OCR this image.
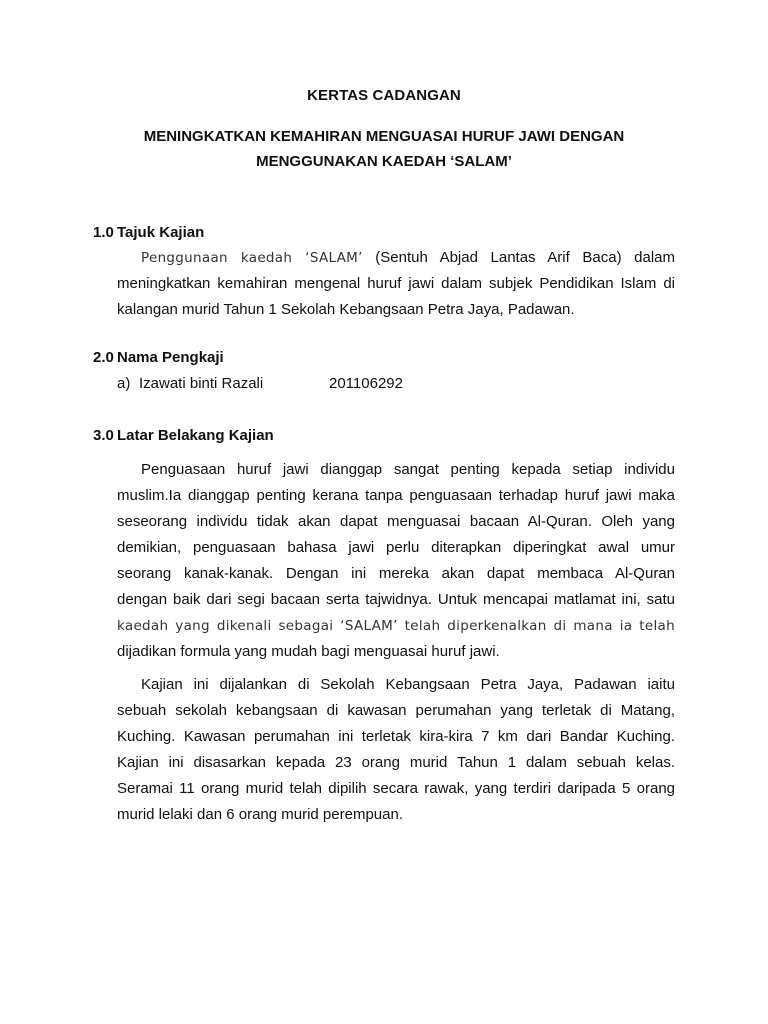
KERTAS CADANGAN
MENINGKATKAN KEMAHIRAN MENGUASAI HURUF JAWI DENGAN
MENGGUNAKAN KAEDAH ‘SALAM’
1.0 Tajuk Kajian
Penggunaan kaedah ‘SALAM’ (Sentuh Abjad Lantas Arif Baca) dalam
meningkatkan kemahiran mengenal huruf jawi dalam subjek Pendidikan Islam di
kalangan murid Tahun 1 Sekolah Kebangsaan Petra Jaya, Padawan.
2.0 Nama Pengkaji
a) Izawati binti Razali	201106292
3.0 Latar Belakang Kajian
Penguasaan huruf jawi dianggap sangat penting kepada setiap individu
muslim.Ia dianggap penting kerana tanpa penguasaan terhadap huruf jawi maka
seseorang individu tidak akan dapat menguasai bacaan Al-Quran. Oleh yang
demikian, penguasaan bahasa jawi perlu diterapkan diperingkat awal umur
seorang kanak-kanak. Dengan ini mereka akan dapat membaca Al-Quran
dengan baik dari segi bacaan serta tajwidnya. Untuk mencapai matlamat ini, satu
kaedah yang dikenali sebagai ‘SALAM’ telah diperkenalkan di mana ia telah
dijadikan formula yang mudah bagi menguasai huruf jawi.
Kajian ini dijalankan di Sekolah Kebangsaan Petra Jaya, Padawan iaitu
sebuah sekolah kebangsaan di kawasan perumahan yang terletak di Matang,
Kuching. Kawasan perumahan ini terletak kira-kira 7 km dari Bandar Kuching.
Kajian ini disasarkan kepada 23 orang murid Tahun 1 dalam sebuah kelas.
Seramai 11 orang murid telah dipilih secara rawak, yang terdiri daripada 5 orang
murid lelaki dan 6 orang murid perempuan.
